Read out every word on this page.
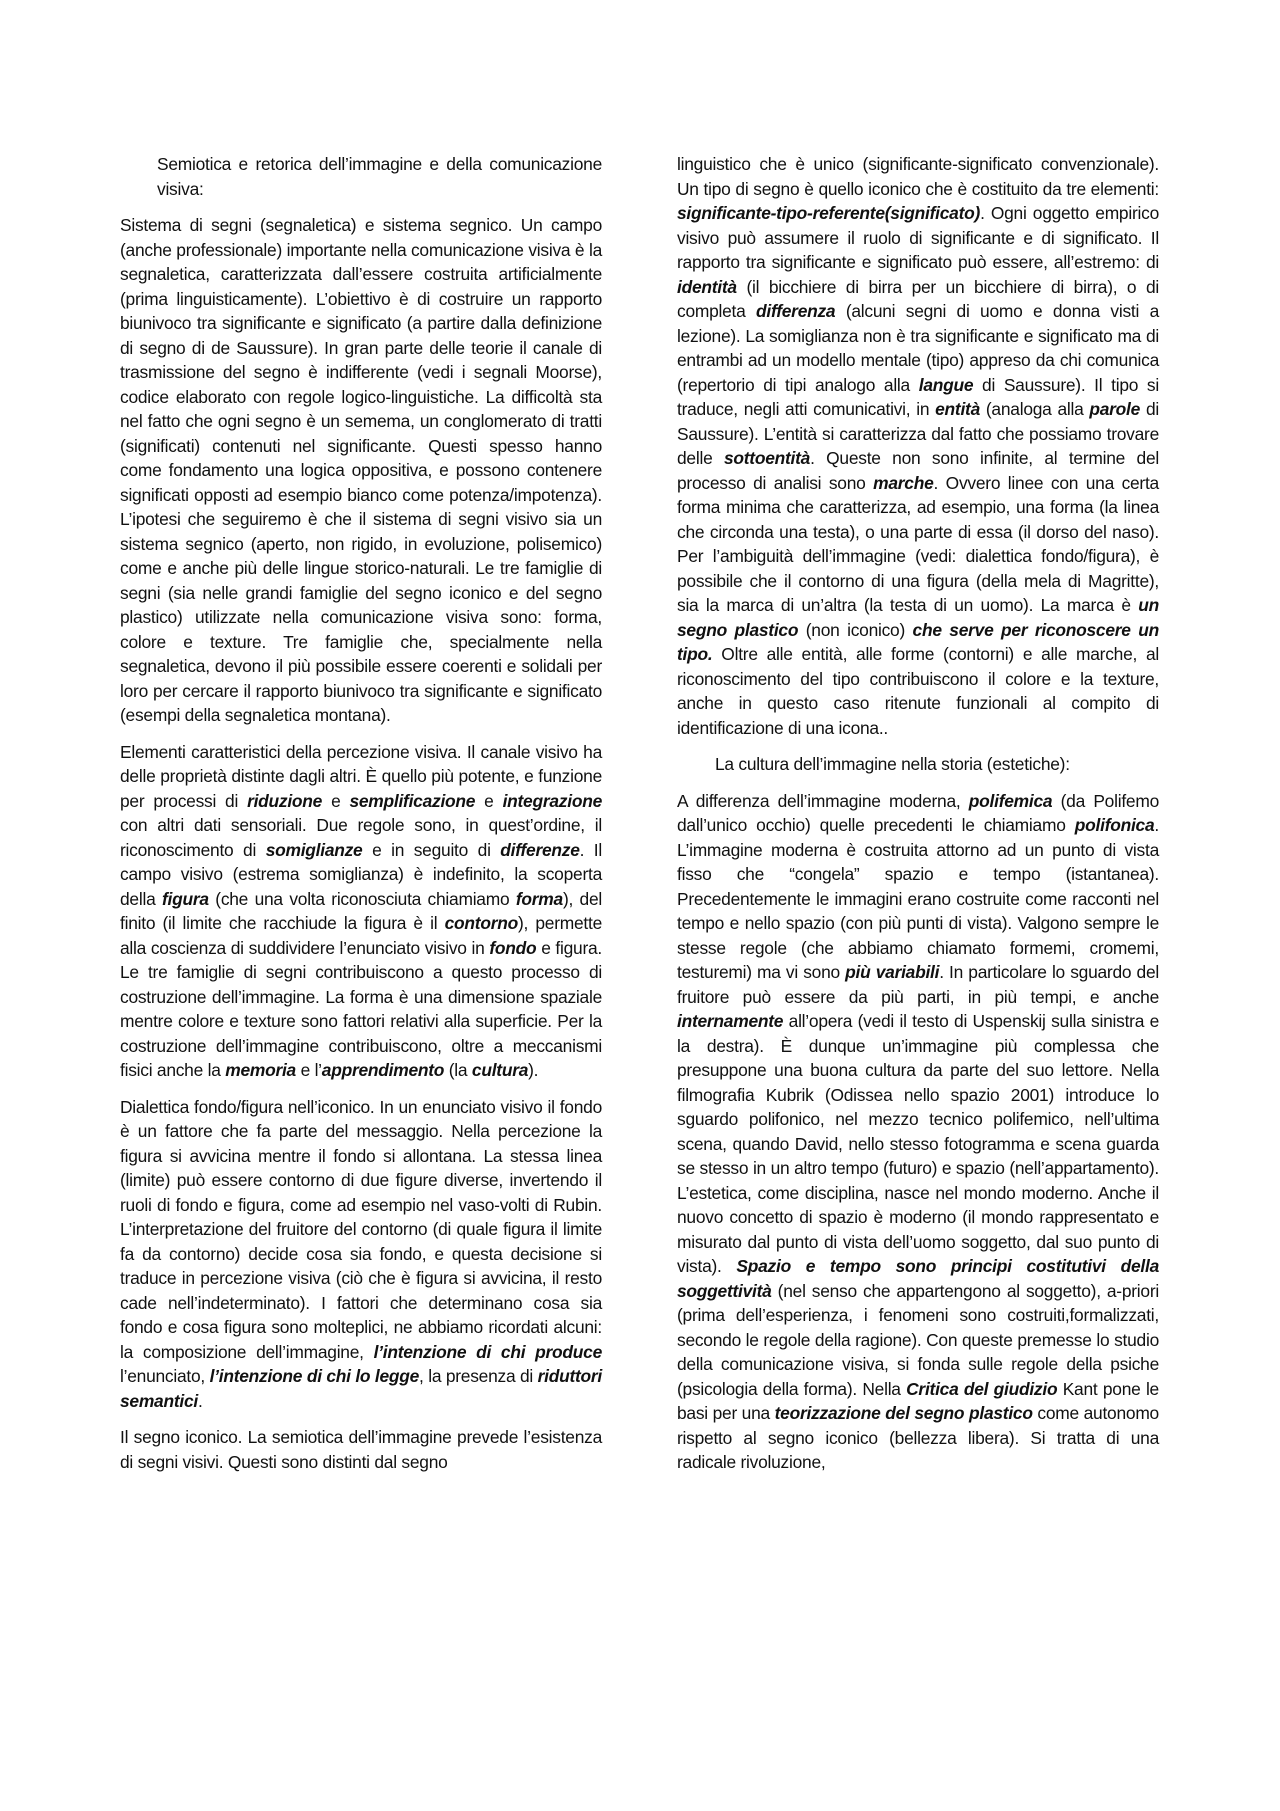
Semiotica e retorica dell’immagine e della comunicazione visiva:

Sistema di segni (segnaletica) e sistema segnico. Un campo (anche professionale) importante nella comunicazione visiva è la segnaletica, caratterizzata dall’essere costruita artificialmente (prima linguisticamente). L’obiettivo è di costruire un rapporto biunivoco tra significante e significato (a partire dalla definizione di segno di de Saussure). In gran parte delle teorie il canale di trasmissione del segno è indifferente (vedi i segnali Moorse), codice elaborato con regole logico-linguistiche. La difficoltà sta nel fatto che ogni segno è un semema, un conglomerato di tratti (significati) contenuti nel significante. Questi spesso hanno come fondamento una logica oppositiva, e possono contenere significati opposti ad esempio bianco come potenza/impotenza). L’ipotesi che seguiremo è che il sistema di segni visivo sia un sistema segnico (aperto, non rigido, in evoluzione, polisemico) come e anche più delle lingue storico-naturali. Le tre famiglie di segni (sia nelle grandi famiglie del segno iconico e del segno plastico) utilizzate nella comunicazione visiva sono: forma, colore e texture. Tre famiglie che, specialmente nella segnaletica, devono il più possibile essere coerenti e solidali per loro per cercare il rapporto biunivoco tra significante e significato (esempi della segnaletica montana).

Elementi caratteristici della percezione visiva. Il canale visivo ha delle proprietà distinte dagli altri. È quello più potente, e funzione per processi di riduzione e semplificazione e integrazione con altri dati sensoriali. Due regole sono, in quest’ordine, il riconoscimento di somiglianze e in seguito di differenze. Il campo visivo (estrema somiglianza) è indefinito, la scoperta della figura (che una volta riconosciuta chiamiamo forma), del finito (il limite che racchiude la figura è il contorno), permette alla coscienza di suddividere l’enunciato visivo in fondo e figura. Le tre famiglie di segni contribuiscono a questo processo di costruzione dell’immagine. La forma è una dimensione spaziale mentre colore e texture sono fattori relativi alla superficie. Per la costruzione dell’immagine contribuiscono, oltre a meccanismi fisici anche la memoria e l’apprendimento (la cultura).

Dialettica fondo/figura nell’iconico. In un enunciato visivo il fondo è un fattore che fa parte del messaggio. Nella percezione la figura si avvicina mentre il fondo si allontana. La stessa linea (limite) può essere contorno di due figure diverse, invertendo il ruoli di fondo e figura, come ad esempio nel vaso-volti di Rubin. L’interpretazione del fruitore del contorno (di quale figura il limite fa da contorno) decide cosa sia fondo, e questa decisione si traduce in percezione visiva (ciò che è figura si avvicina, il resto cade nell’indeterminato). I fattori che determinano cosa sia fondo e cosa figura sono molteplici, ne abbiamo ricordati alcuni: la composizione dell’immagine, l’intenzione di chi produce l’enunciato, l’intenzione di chi lo legge, la presenza di riduttori semantici.

Il segno iconico. La semiotica dell’immagine prevede l’esistenza di segni visivi. Questi sono distinti dal segno

linguistico che è unico (significante-significato convenzionale). Un tipo di segno è quello iconico che è costituito da tre elementi: significante-tipo-referente(significato). Ogni oggetto empirico visivo può assumere il ruolo di significante e di significato. Il rapporto tra significante e significato può essere, all’estremo: di identità (il bicchiere di birra per un bicchiere di birra), o di completa differenza (alcuni segni di uomo e donna visti a lezione). La somiglianza non è tra significante e significato ma di entrambi ad un modello mentale (tipo) appreso da chi comunica (repertorio di tipi analogo alla langue di Saussure). Il tipo si traduce, negli atti comunicativi, in entità (analoga alla parole di Saussure). L’entità si caratterizza dal fatto che possiamo trovare delle sottoentità. Queste non sono infinite, al termine del processo di analisi sono marche. Ovvero linee con una certa forma minima che caratterizza, ad esempio, una forma (la linea che circonda una testa), o una parte di essa (il dorso del naso). Per l’ambiguità dell’immagine (vedi: dialettica fondo/figura), è possibile che il contorno di una figura (della mela di Magritte), sia la marca di un’altra (la testa di un uomo). La marca è un segno plastico (non iconico) che serve per riconoscere un tipo. Oltre alle entità, alle forme (contorni) e alle marche, al riconoscimento del tipo contribuiscono il colore e la texture, anche in questo caso ritenute funzionali al compito di identificazione di una icona..

La cultura dell’immagine nella storia (estetiche):

A differenza dell’immagine moderna, polifemica (da Polifemo dall’unico occhio) quelle precedenti le chiamiamo polifonica. L’immagine moderna è costruita attorno ad un punto di vista fisso che “congela” spazio e tempo (istantanea). Precedentemente le immagini erano costruite come racconti nel tempo e nello spazio (con più punti di vista). Valgono sempre le stesse regole (che abbiamo chiamato formemi, cromemi, testuremi) ma vi sono più variabili. In particolare lo sguardo del fruitore può essere da più parti, in più tempi, e anche internamente all’opera (vedi il testo di Uspenskij sulla sinistra e la destra). È dunque un’immagine più complessa che presuppone una buona cultura da parte del suo lettore. Nella filmografia Kubrik (Odissea nello spazio 2001) introduce lo sguardo polifonico, nel mezzo tecnico polifemico, nell’ultima scena, quando David, nello stesso fotogramma e scena guarda se stesso in un altro tempo (futuro) e spazio (nell’appartamento). L’estetica, come disciplina, nasce nel mondo moderno. Anche il nuovo concetto di spazio è moderno (il mondo rappresentato e misurato dal punto di vista dell’uomo soggetto, dal suo punto di vista). Spazio e tempo sono principi costitutivi della soggettività (nel senso che appartengono al soggetto), a-priori (prima dell’esperienza, i fenomeni sono costruiti,formalizzati, secondo le regole della ragione). Con queste premesse lo studio della comunicazione visiva, si fonda sulle regole della psiche (psicologia della forma). Nella Critica del giudizio Kant pone le basi per una teorizzazione del segno plastico come autonomo rispetto al segno iconico (bellezza libera). Si tratta di una radicale rivoluzione,
